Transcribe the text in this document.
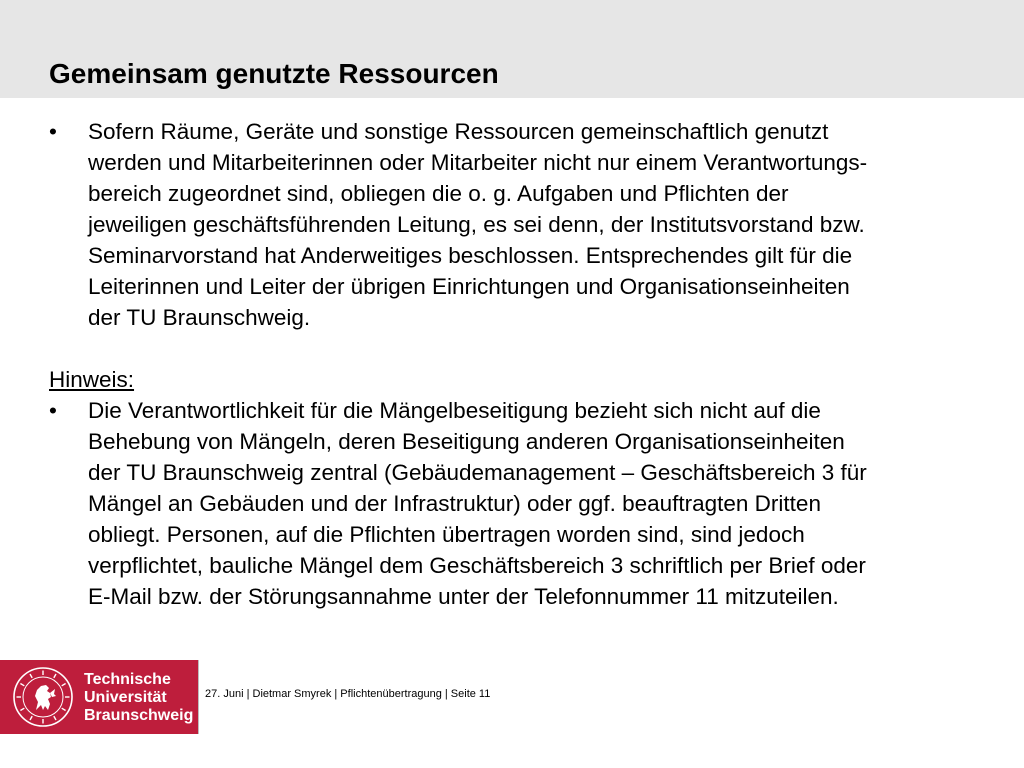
Gemeinsam genutzte Ressourcen
• Sofern Räume, Geräte und sonstige Ressourcen gemeinschaftlich genutzt
werden und Mitarbeiterinnen oder Mitarbeiter nicht nur einem Verantwortungs-
bereich zugeordnet sind, obliegen die o. g. Aufgaben und Pflichten der
jeweiligen geschäftsführenden Leitung, es sei denn, der Institutsvorstand bzw.
Seminarvorstand hat Anderweitiges beschlossen. Entsprechendes gilt für die
Leiterinnen und Leiter der übrigen Einrichtungen und Organisationseinheiten
der TU Braunschweig.
Hinweis:
• Die Verantwortlichkeit für die Mängelbeseitigung bezieht sich nicht auf die
Behebung von Mängeln, deren Beseitigung anderen Organisationseinheiten
der TU Braunschweig zentral (Gebäudemanagement – Geschäftsbereich 3 für
Mängel an Gebäuden und der Infrastruktur) oder ggf. beauftragten Dritten
obliegt. Personen, auf die Pflichten übertragen worden sind, sind jedoch
verpflichtet, bauliche Mängel dem Geschäftsbereich 3 schriftlich per Brief oder
E-Mail bzw. der Störungsannahme unter der Telefonnummer 11 mitzuteilen.
Technische
Universität
Braunschweig
27. Juni | Dietmar Smyrek | Pflichtenübertragung | Seite 11
